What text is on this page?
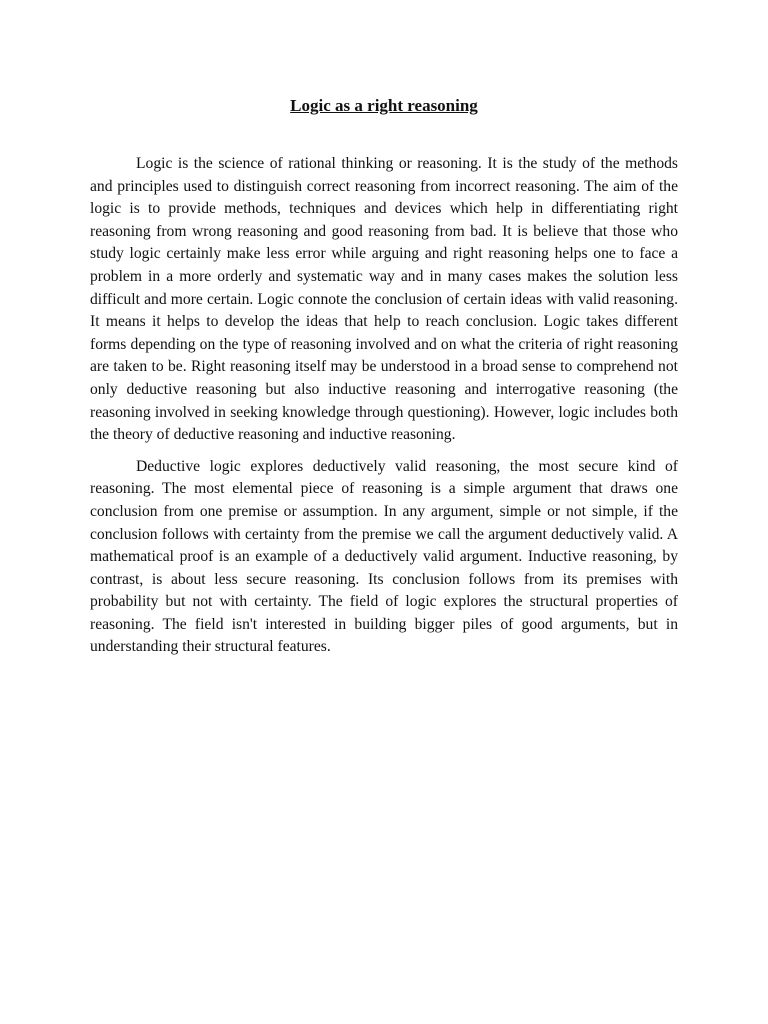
Logic as a right reasoning

Logic is the science of rational thinking or reasoning. It is the study of the methods and principles used to distinguish correct reasoning from incorrect reasoning. The aim of the logic is to provide methods, techniques and devices which help in differentiating right reasoning from wrong reasoning and good reasoning from bad. It is believe that those who study logic certainly make less error while arguing and right reasoning helps one to face a problem in a more orderly and systematic way and in many cases makes the solution less difficult and more certain. Logic connote the conclusion of certain ideas with valid reasoning. It means it helps to develop the ideas that help to reach conclusion. Logic takes different forms depending on the type of reasoning involved and on what the criteria of right reasoning are taken to be. Right reasoning itself may be understood in a broad sense to comprehend not only deductive reasoning but also inductive reasoning and interrogative reasoning (the reasoning involved in seeking knowledge through questioning). However, logic includes both the theory of deductive reasoning and inductive reasoning.

Deductive logic explores deductively valid reasoning, the most secure kind of reasoning. The most elemental piece of reasoning is a simple argument that draws one conclusion from one premise or assumption. In any argument, simple or not simple, if the conclusion follows with certainty from the premise we call the argument deductively valid. A mathematical proof is an example of a deductively valid argument. Inductive reasoning, by contrast, is about less secure reasoning. Its conclusion follows from its premises with probability but not with certainty. The field of logic explores the structural properties of reasoning. The field isn't interested in building bigger piles of good arguments, but in understanding their structural features.
